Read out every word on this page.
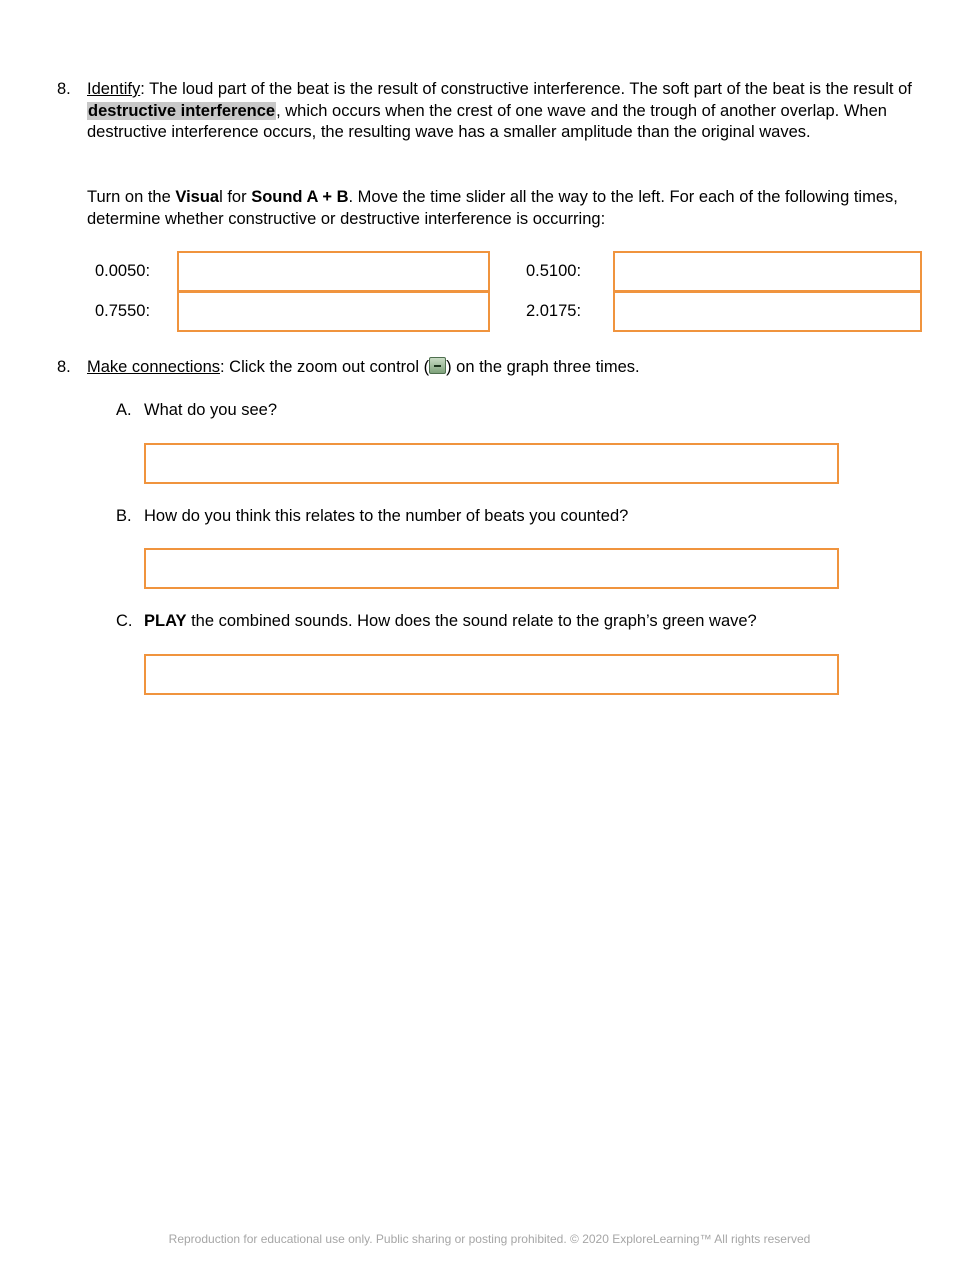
8. Identify: The loud part of the beat is the result of constructive interference. The soft part of the beat is the result of destructive interference, which occurs when the crest of one wave and the trough of another overlap. When destructive interference occurs, the resulting wave has a smaller amplitude than the original waves.
Turn on the Visual for Sound A + B. Move the time slider all the way to the left. For each of the following times, determine whether constructive or destructive interference is occurring:
0.0050:	0.5100:
0.7550:	2.0175:
8. Make connections: Click the zoom out control ( ) on the graph three times.
A. What do you see?
B. How do you think this relates to the number of beats you counted?
C. PLAY the combined sounds. How does the sound relate to the graph’s green wave?
Reproduction for educational use only. Public sharing or posting prohibited. © 2020 ExploreLearning™ All rights reserved
